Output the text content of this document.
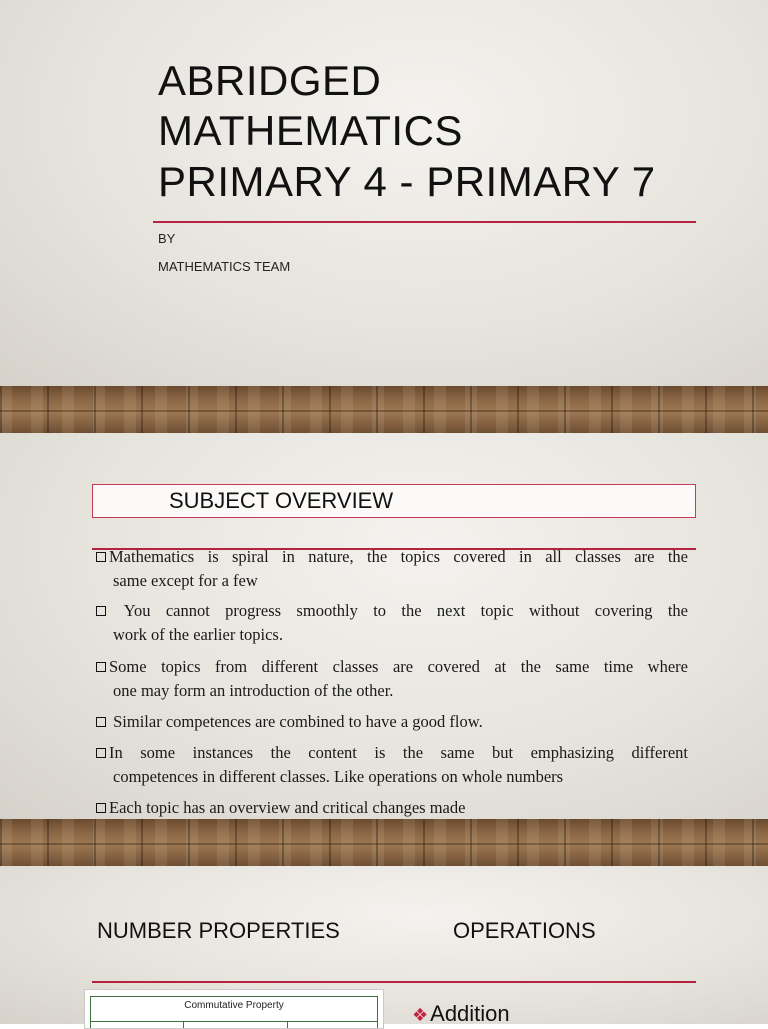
ABRIDGED
MATHEMATICS
PRIMARY 4 - PRIMARY 7
BY
MATHEMATICS TEAM
SUBJECT OVERVIEW
Mathematics is spiral in nature, the topics covered in all classes are the
same except for a few
You cannot progress smoothly to the next topic without covering the
work of the earlier topics.
Some topics from different classes are covered at the same time where
one may form an introduction of the other.
Similar competences are combined to have a good flow.
In some instances the content is the same but emphasizing different
competences in different classes. Like operations on whole numbers
Each topic has an overview and critical changes made
NUMBER PROPERTIES	OPERATIONS
Commutative Property	❖Addition
